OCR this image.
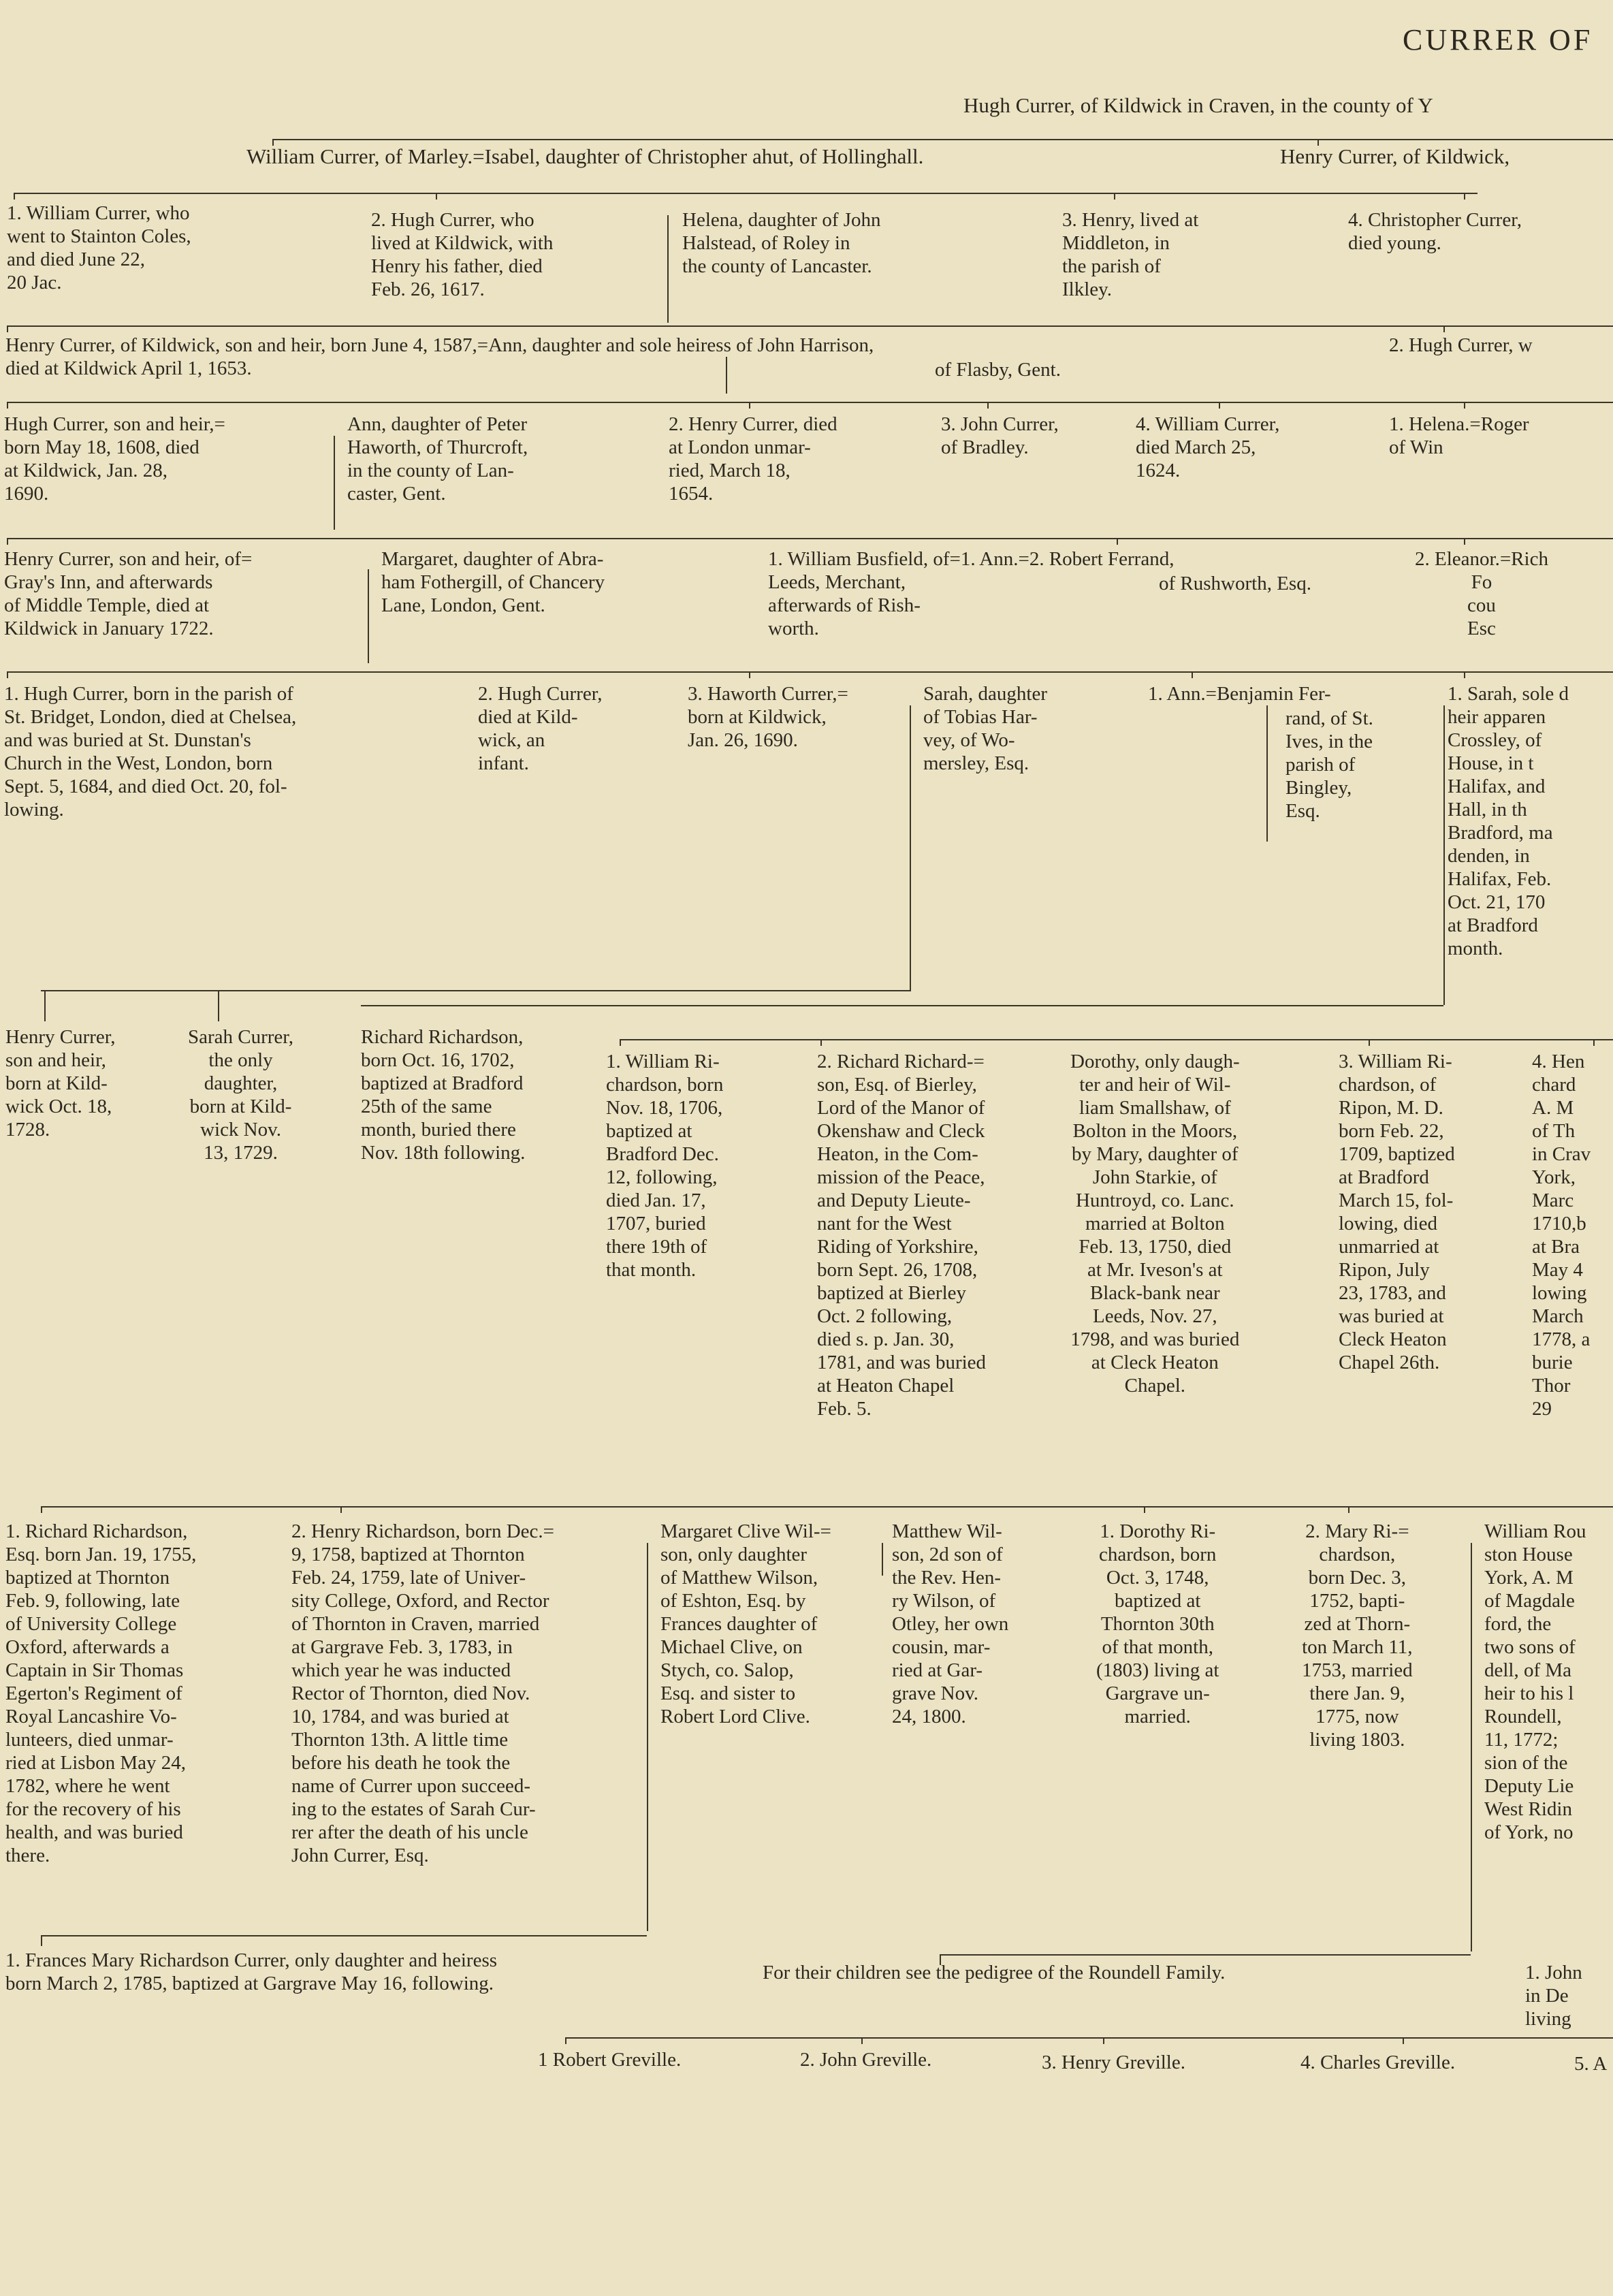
CURRER OF
Hugh Currer, of Kildwick in Craven, in the county of Y
William Currer, of Marley.=Isabel, daughter of Christopher ahut, of Hollinghall.	Henry Currer, of Kildwick,
1. William Currer, who
went to Stainton Coles,
and died June 22,
20 Jac.
2. Hugh Currer, who
lived at Kildwick, with
Henry his father, died
Feb. 26, 1617.
Helena, daughter of John
Halstead, of Roley in
the county of Lancaster.
3. Henry, lived at
Middleton, in
the parish of
Ilkley.
4. Christopher Currer,
died young.
Henry Currer, of Kildwick, son and heir, born June 4, 1587,=Ann, daughter and sole heiress of John Harrison,
died at Kildwick April 1, 1653.	of Flasby, Gent.
2. Hugh Currer, w
Hugh Currer, son and heir,=
born May 18, 1608, died
at Kildwick, Jan. 28,
1690.
Ann, daughter of Peter
Haworth, of Thurcroft,
in the county of Lan-
caster, Gent.
2. Henry Currer, died
at London unmar-
ried, March 18,
1654.
3. John Currer,
of Bradley.
4. William Currer,
died March 25,
1624.
1. Helena.=Roger
of Win
Henry Currer, son and heir, of=
Gray's Inn, and afterwards
of Middle Temple, died at
Kildwick in January 1722.
Margaret, daughter of Abra-
ham Fothergill, of Chancery
Lane, London, Gent.
1. William Busfield, of=1. Ann.=2. Robert Ferrand,
Leeds, Merchant,
afterwards of Rish-
worth.
of Rushworth, Esq.
2. Eleanor.=Rich
Fo
cou
Esc
1. Hugh Currer, born in the parish of
St. Bridget, London, died at Chelsea,
and was buried at St. Dunstan's
Church in the West, London, born
Sept. 5, 1684, and died Oct. 20, fol-
lowing.
2. Hugh Currer,
died at Kild-
wick, an
infant.
3. Haworth Currer,=
born at Kildwick,
Jan. 26, 1690.
Sarah, daughter
of Tobias Har-
vey, of Wo-
mersley, Esq.
1. Ann.=Benjamin Fer-
rand, of St.
Ives, in the
parish of
Bingley,
Esq.
1. Sarah, sole d
heir apparen
Crossley, of
House, in t
Halifax, and
Hall, in th
Bradford, ma
denden, in
Halifax, Feb.
Oct. 21, 170
at Bradford
month.
Henry Currer,
son and heir,
born at Kild-
wick Oct. 18,
1728.
Sarah Currer,
the only
daughter,
born at Kild-
wick Nov.
13, 1729.
Richard Richardson,
born Oct. 16, 1702,
baptized at Bradford
25th of the same
month, buried there
Nov. 18th following.
1. William Ri-
chardson, born
Nov. 18, 1706,
baptized at
Bradford Dec.
12, following,
died Jan. 17,
1707, buried
there 19th of
that month.
2. Richard Richard-=
son, Esq. of Bierley,
Lord of the Manor of
Okenshaw and Cleck
Heaton, in the Com-
mission of the Peace,
and Deputy Lieute-
nant for the West
Riding of Yorkshire,
born Sept. 26, 1708,
baptized at Bierley
Oct. 2 following,
died s. p. Jan. 30,
1781, and was buried
at Heaton Chapel
Feb. 5.
Dorothy, only daugh-
ter and heir of Wil-
liam Smallshaw, of
Bolton in the Moors,
by Mary, daughter of
John Starkie, of
Huntroyd, co. Lanc.
married at Bolton
Feb. 13, 1750, died
at Mr. Iveson's at
Black-bank near
Leeds, Nov. 27,
1798, and was buried
at Cleck Heaton
Chapel.
3. William Ri-
chardson, of
Ripon, M. D.
born Feb. 22,
1709, baptized
at Bradford
March 15, fol-
lowing, died
unmarried at
Ripon, July
23, 1783, and
was buried at
Cleck Heaton
Chapel 26th.
4. Hen
chard
A. M
of Th
in Crav
York,
Marc
1710,b
at Bra
May 4
lowing
March
1778, a
burie
Thor
29
1. Richard Richardson,
Esq. born Jan. 19, 1755,
baptized at Thornton
Feb. 9, following, late
of University College
Oxford, afterwards a
Captain in Sir Thomas
Egerton's Regiment of
Royal Lancashire Vo-
lunteers, died unmar-
ried at Lisbon May 24,
1782, where he went
for the recovery of his
health, and was buried
there.
2. Henry Richardson, born Dec.=
9, 1758, baptized at Thornton
Feb. 24, 1759, late of Univer-
sity College, Oxford, and Rector
of Thornton in Craven, married
at Gargrave Feb. 3, 1783, in
which year he was inducted
Rector of Thornton, died Nov.
10, 1784, and was buried at
Thornton 13th. A little time
before his death he took the
name of Currer upon succeed-
ing to the estates of Sarah Cur-
rer after the death of his uncle
John Currer, Esq.
Margaret Clive Wil-=
son, only daughter
of Matthew Wilson,
of Eshton, Esq. by
Frances daughter of
Michael Clive, on
Stych, co. Salop,
Esq. and sister to
Robert Lord Clive.
Matthew Wil-
son, 2d son of
the Rev. Hen-
ry Wilson, of
Otley, her own
cousin, mar-
ried at Gar-
grave Nov.
24, 1800.
1. Dorothy Ri-
chardson, born
Oct. 3, 1748,
baptized at
Thornton 30th
of that month,
(1803) living at
Gargrave un-
married.
2. Mary Ri-=
chardson,
born Dec. 3,
1752, bapti-
zed at Thorn-
ton March 11,
1753, married
there Jan. 9,
1775, now
living 1803.
William Rou
ston House
York, A. M
of Magdale
ford, the
two sons of
dell, of Ma
heir to his l
Roundell,
11, 1772;
sion of the
Deputy Lie
West Ridin
of York, no
1. Frances Mary Richardson Currer, only daughter and heiress
born March 2, 1785, baptized at Gargrave May 16, following.	For their children see the pedigree of the Roundell Family.	1. John
in De
living
1 Robert Greville.	2. John Greville.	3. Henry Greville.	4. Charles Greville.	5. A
